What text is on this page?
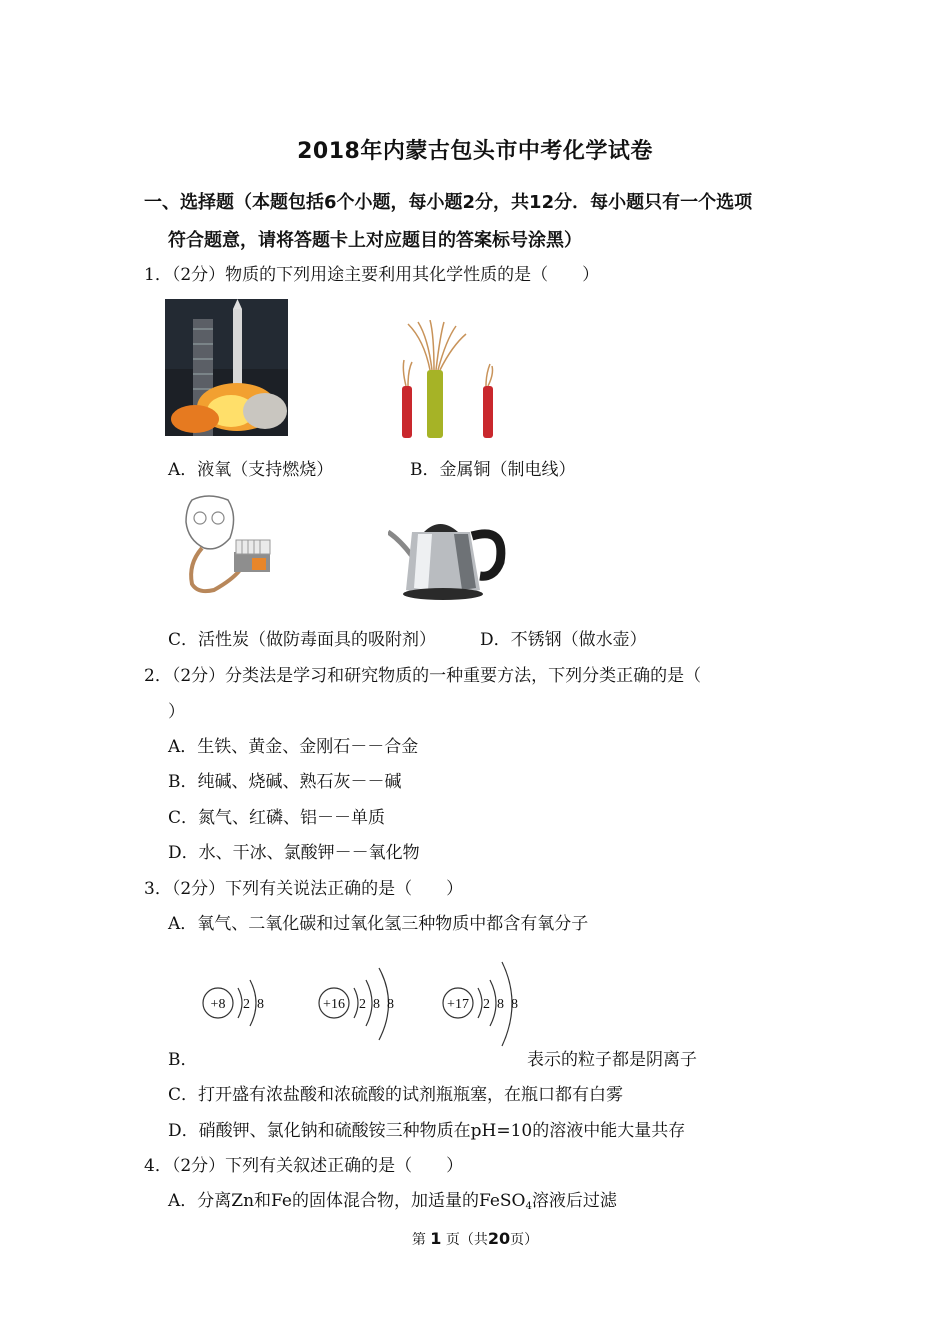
2018年内蒙古包头市中考化学试卷
一、选择题（本题包括6个小题，每小题2分，共12分．每小题只有一个选项
符合题意，请将答题卡上对应题目的答案标号涂黑）
1．（2分）物质的下列用途主要利用其化学性质的是（　　）
A．液氧（支持燃烧）	B．金属铜（制电线）
C．活性炭（做防毒面具的吸附剂）	D．不锈钢（做水壶）
2．（2分）分类法是学习和研究物质的一种重要方法，下列分类正确的是（
）
A．生铁、黄金、金刚石－－合金
B．纯碱、烧碱、熟石灰－－碱
C．氮气、红磷、铝－－单质
D．水、干冰、氯酸钾－－氧化物
3．（2分）下列有关说法正确的是（　　）
A．氧气、二氧化碳和过氧化氢三种物质中都含有氧分子
+8 2 8	+16 2 8 8	+17 2 8 8
B．	表示的粒子都是阴离子
C．打开盛有浓盐酸和浓硫酸的试剂瓶瓶塞，在瓶口都有白雾
D．硝酸钾、氯化钠和硫酸铵三种物质在pH=10的溶液中能大量共存
4．（2分）下列有关叙述正确的是（　　）
A．分离Zn和Fe的固体混合物，加适量的FeSO$_4$溶液后过滤
第 1 页（共20页）
